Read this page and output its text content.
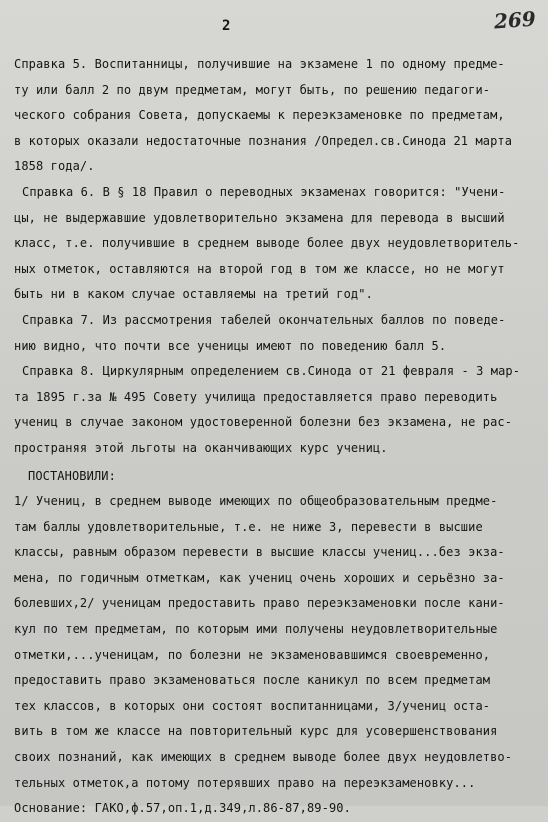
2	269
Справка 5. Воспитанницы, получившие на экзамене 1 по одному предме-
ту или балл 2 по двум предметам, могут быть, по решению педагоги-
ческого собрания Совета, допускаемы к переэкзаменовке по предметам,
в которых оказали недостаточные познания /Определ.св.Синода 21 марта
1858 года/.
Справка 6. В § 18 Правил о переводных экзаменах говорится: "Учени-
цы, не выдержавшие удовлетворительно экзамена для перевода в высший
класс, т.е. получившие в среднем выводе более двух неудовлетворитель-
ных отметок, оставляются на второй год в том же классе, но не могут
быть ни в каком случае оставляемы на третий год".
Справка 7. Из рассмотрения табелей окончательных баллов по поведе-
нию видно, что почти все ученицы имеют по поведению балл 5.
Справка 8. Циркулярным определением св.Синода от 21 февраля - 3 мар-
та 1895 г.за № 495 Совету училища предоставляется право переводить
учениц в случае законом удостоверенной болезни без экзамена, не рас-
пространяя этой льготы на оканчивающих курс учениц.
ПОСТАНОВИЛИ:
1/ Учениц, в среднем выводе имеющих по общеобразовательным предме-
там баллы удовлетворительные, т.е. не ниже 3, перевести в высшие
классы, равным образом перевести в высшие классы учениц...без экза-
мена, по годичным отметкам, как учениц очень хороших и серьёзно за-
болевших,2/ ученицам предоставить право переэкзаменовки после кани-
кул по тем предметам, по которым ими получены неудовлетворительные
отметки,...ученицам, по болезни не экзаменовавшимся своевременно,
предоставить право экзаменоваться после каникул по всем предметам
тех классов, в которых они состоят воспитанницами, 3/учениц оста-
вить в том же классе на повторительный курс для усовершенствования
своих познаний, как имеющих в среднем выводе более двух неудовлетво-
тельных отметок,а потому потерявших право на переэкзаменовку...
Основание: ГАКО,ф.57,оп.1,д.349,л.86-87,89-90.
